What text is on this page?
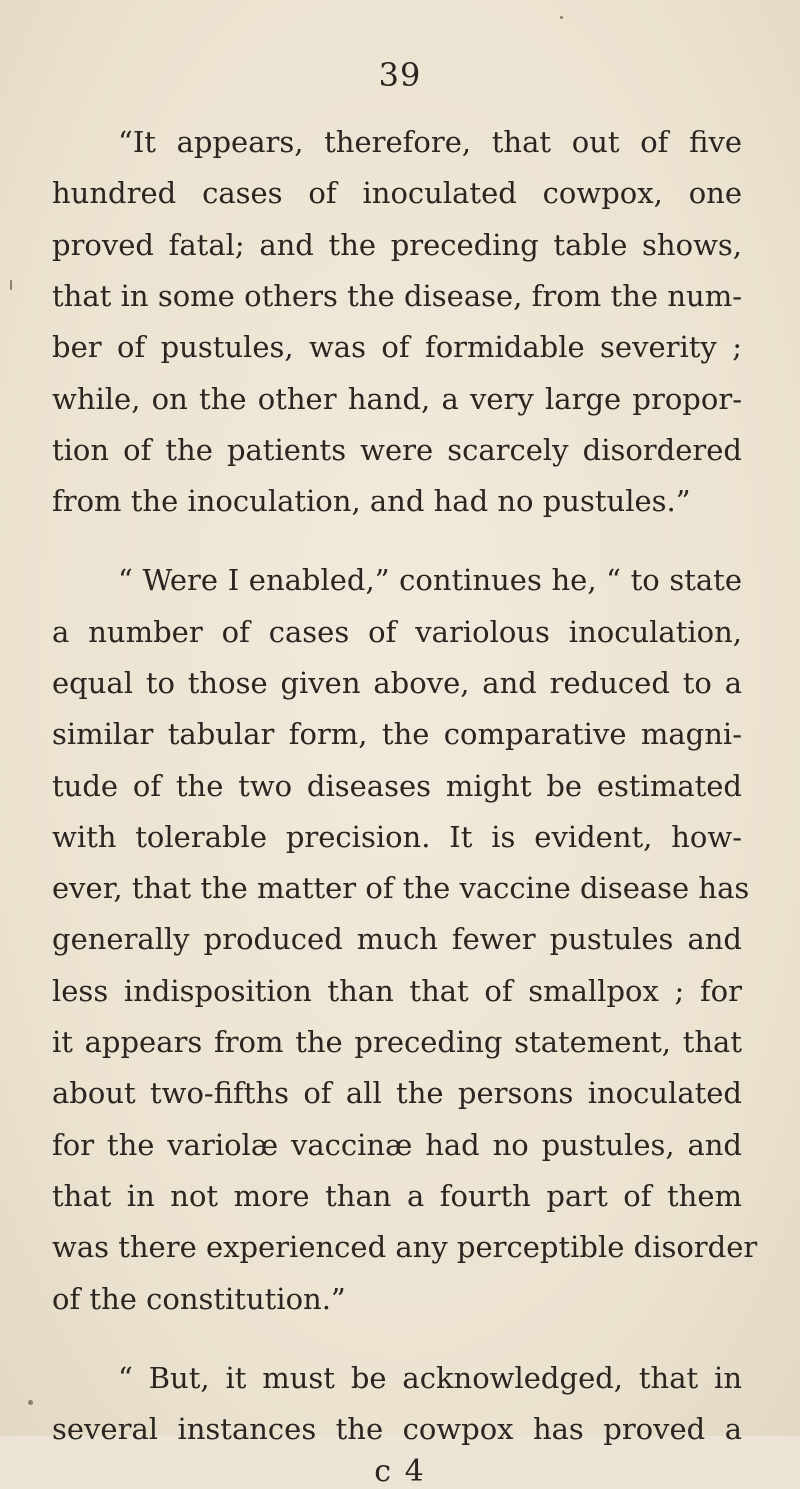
39
“It appears, therefore, that out of five
hundred cases of inoculated cowpox, one
proved fatal; and the preceding table shows,
that in some others the disease, from the num-
ber of pustules, was of formidable severity ;
while, on the other hand, a very large propor-
tion of the patients were scarcely disordered
from the inoculation, and had no pustules.”
“ Were I enabled,” continues he, “ to state
a number of cases of variolous inoculation,
equal to those given above, and reduced to a
similar tabular form, the comparative magni-
tude of the two diseases might be estimated
with tolerable precision. It is evident, how-
ever, that the matter of the vaccine disease has
generally produced much fewer pustules and
less indisposition than that of smallpox ; for
it appears from the preceding statement, that
about two-fifths of all the persons inoculated
for the variolæ vaccinæ had no pustules, and
that in not more than a fourth part of them
was there experienced any perceptible disorder
of the constitution.”
“ But, it must be acknowledged, that in
several instances the cowpox has proved a
c 4
